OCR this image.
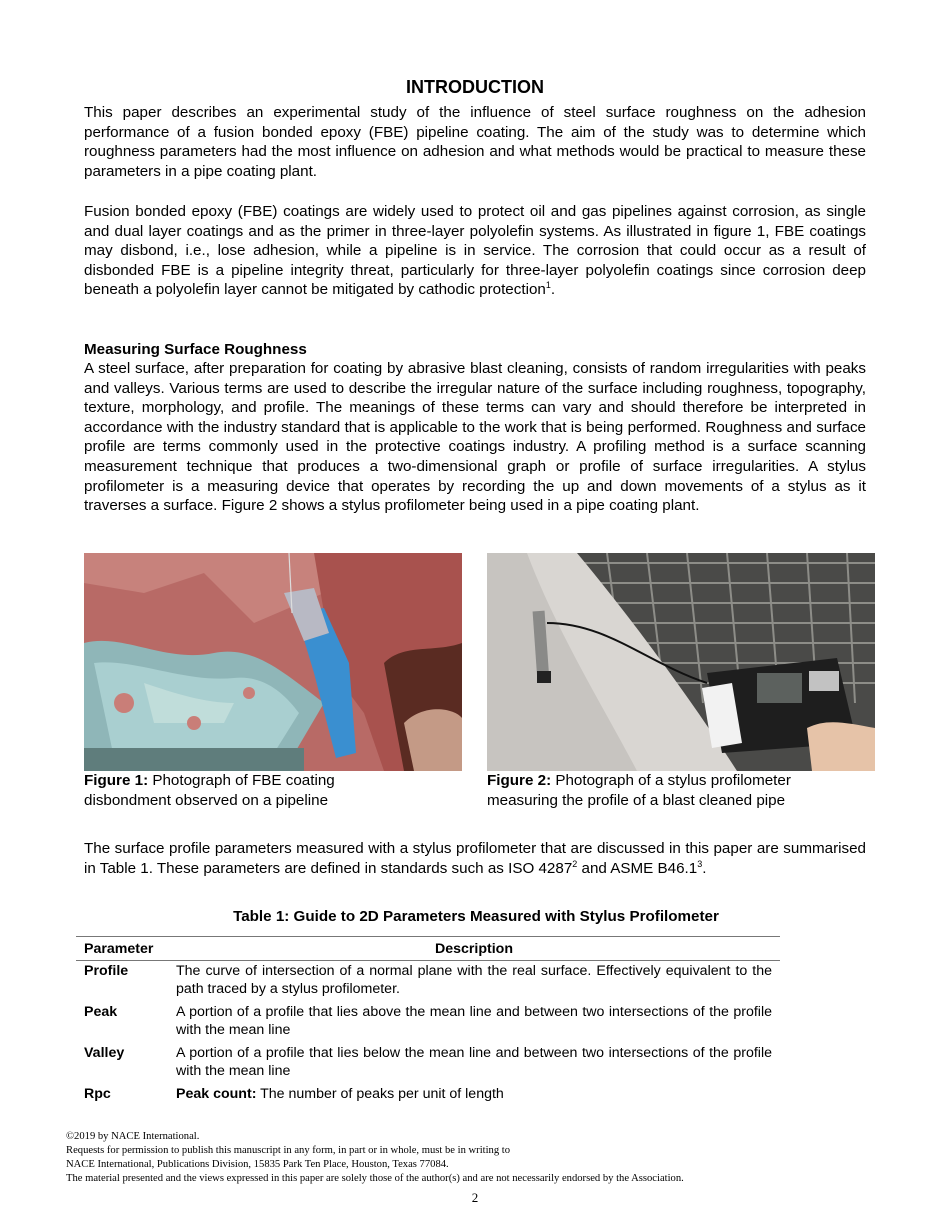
INTRODUCTION

This paper describes an experimental study of the influence of steel surface roughness on the adhesion performance of a fusion bonded epoxy (FBE) pipeline coating. The aim of the study was to determine which roughness parameters had the most influence on adhesion and what methods would be practical to measure these parameters in a pipe coating plant.

Fusion bonded epoxy (FBE) coatings are widely used to protect oil and gas pipelines against corrosion, as single and dual layer coatings and as the primer in three-layer polyolefin systems. As illustrated in figure 1, FBE coatings may disbond, i.e., lose adhesion, while a pipeline is in service. The corrosion that could occur as a result of disbonded FBE is a pipeline integrity threat, particularly for three-layer polyolefin coatings since corrosion deep beneath a polyolefin layer cannot be mitigated by cathodic protection$^1$.

Measuring Surface Roughness

A steel surface, after preparation for coating by abrasive blast cleaning, consists of random irregularities with peaks and valleys. Various terms are used to describe the irregular nature of the surface including roughness, topography, texture, morphology, and profile. The meanings of these terms can vary and should therefore be interpreted in accordance with the industry standard that is applicable to the work that is being performed. Roughness and surface profile are terms commonly used in the protective coatings industry. A profiling method is a surface scanning measurement technique that produces a two-dimensional graph or profile of surface irregularities. A stylus profilometer is a measuring device that operates by recording the up and down movements of a stylus as it traverses a surface. Figure 2 shows a stylus profilometer being used in a pipe coating plant.

Figure 1: Photograph of FBE coating
disbondment observed on a pipeline
Figure 2: Photograph of a stylus profilometer
measuring the profile of a blast cleaned pipe

The surface profile parameters measured with a stylus profilometer that are discussed in this paper are summarised in Table 1. These parameters are defined in standards such as ISO 4287$^2$ and ASME B46.1$^3$.

Table 1: Guide to 2D Parameters Measured with Stylus Profilometer
Parameter	Description
Profile	The curve of intersection of a normal plane with the real surface. Effectively equivalent to the path traced by a stylus profilometer.
Peak	A portion of a profile that lies above the mean line and between two intersections of the profile with the mean line
Valley	A portion of a profile that lies below the mean line and between two intersections of the profile with the mean line
Rpc	Peak count: The number of peaks per unit of length
©2019 by NACE International.
Requests for permission to publish this manuscript in any form, in part or in whole, must be in writing to
NACE International, Publications Division, 15835 Park Ten Place, Houston, Texas 77084.
The material presented and the views expressed in this paper are solely those of the author(s) and are not necessarily endorsed by the Association.
2
